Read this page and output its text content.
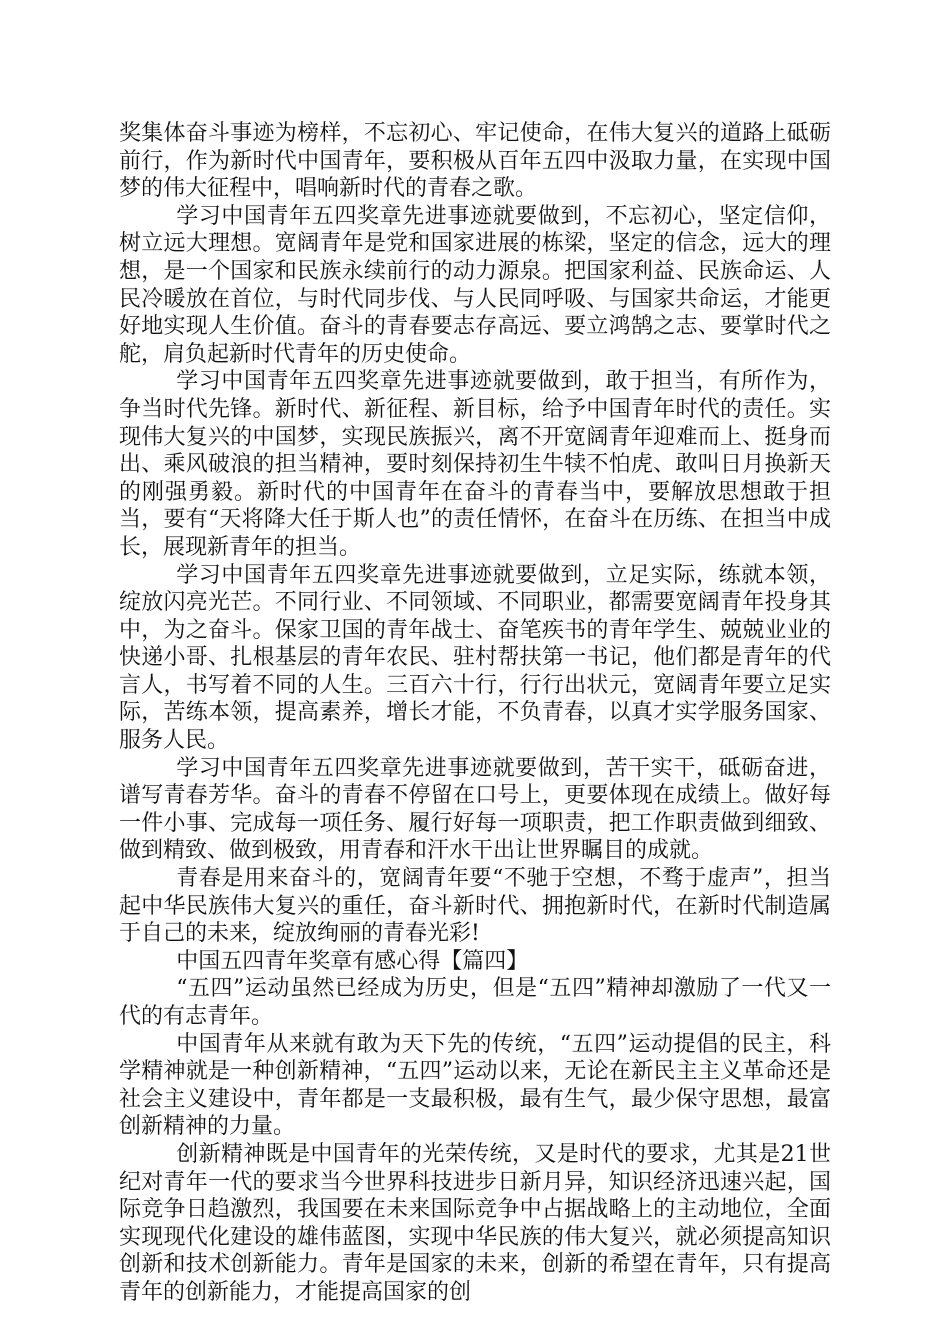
奖集体奋斗事迹为榜样，不忘初心、牢记使命，在伟大复兴的道路上砥砺前行，作为新时代中国青年，要积极从百年五四中汲取力量，在实现中国梦的伟大征程中，唱响新时代的青春之歌。

学习中国青年五四奖章先进事迹就要做到，不忘初心，坚定信仰，树立远大理想。宽阔青年是党和国家进展的栋梁，坚定的信念，远大的理想，是一个国家和民族永续前行的动力源泉。把国家利益、民族命运、人民冷暖放在首位，与时代同步伐、与人民同呼吸、与国家共命运，才能更好地实现人生价值。奋斗的青春要志存高远、要立鸿鹄之志、要掌时代之舵，肩负起新时代青年的历史使命。

学习中国青年五四奖章先进事迹就要做到，敢于担当，有所作为，争当时代先锋。新时代、新征程、新目标，给予中国青年时代的责任。实现伟大复兴的中国梦，实现民族振兴，离不开宽阔青年迎难而上、挺身而出、乘风破浪的担当精神，要时刻保持初生牛犊不怕虎、敢叫日月换新天的刚强勇毅。新时代的中国青年在奋斗的青春当中，要解放思想敢于担当，要有“天将降大任于斯人也”的责任情怀，在奋斗在历练、在担当中成长，展现新青年的担当。

学习中国青年五四奖章先进事迹就要做到，立足实际，练就本领，绽放闪亮光芒。不同行业、不同领域、不同职业，都需要宽阔青年投身其中，为之奋斗。保家卫国的青年战士、奋笔疾书的青年学生、兢兢业业的快递小哥、扎根基层的青年农民、驻村帮扶第一书记，他们都是青年的代言人，书写着不同的人生。三百六十行，行行出状元，宽阔青年要立足实际，苦练本领，提高素养，增长才能，不负青春，以真才实学服务国家、服务人民。

学习中国青年五四奖章先进事迹就要做到，苦干实干，砥砺奋进，谱写青春芳华。奋斗的青春不停留在口号上，更要体现在成绩上。做好每一件小事、完成每一项任务、履行好每一项职责，把工作职责做到细致、做到精致、做到极致，用青春和汗水干出让世界瞩目的成就。

青春是用来奋斗的，宽阔青年要“不驰于空想，不骛于虚声”，担当起中华民族伟大复兴的重任，奋斗新时代、拥抱新时代，在新时代制造属于自己的未来，绽放绚丽的青春光彩!

中国五四青年奖章有感心得【篇四】

“五四”运动虽然已经成为历史，但是“五四”精神却激励了一代又一代的有志青年。

中国青年从来就有敢为天下先的传统，“五四”运动提倡的民主，科学精神就是一种创新精神，“五四”运动以来，无论在新民主主义革命还是社会主义建设中，青年都是一支最积极，最有生气，最少保守思想，最富创新精神的力量。

创新精神既是中国青年的光荣传统，又是时代的要求，尤其是21世纪对青年一代的要求当今世界科技进步日新月异，知识经济迅速兴起，国际竞争日趋激烈，我国要在未来国际竞争中占据战略上的主动地位，全面实现现代化建设的雄伟蓝图，实现中华民族的伟大复兴，就必须提高知识创新和技术创新能力。青年是国家的未来，创新的希望在青年，只有提高青年的创新能力，才能提高国家的创
